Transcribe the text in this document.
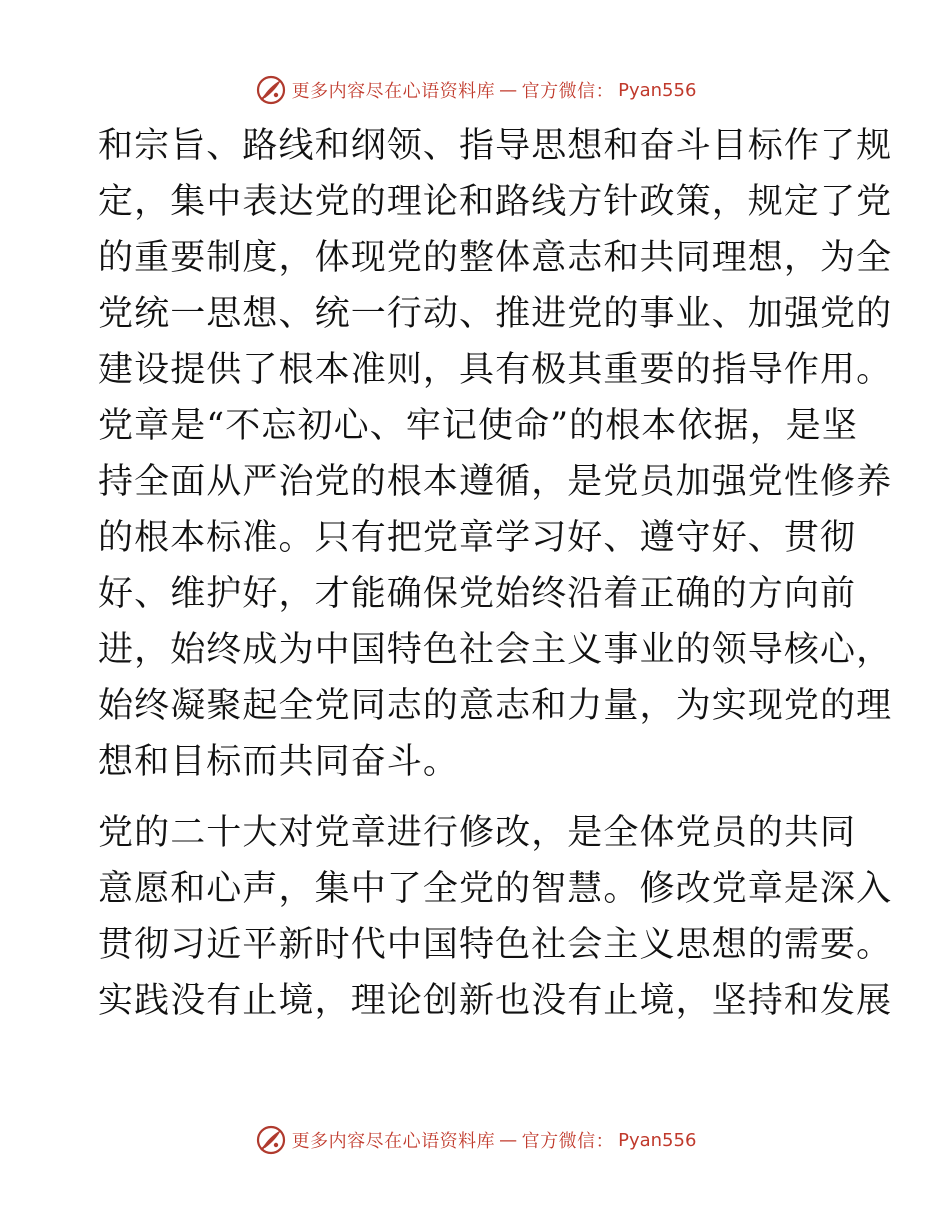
更多内容尽在心语资料库 — 官方微信： Pyan556
和宗旨、路线和纲领、指导思想和奋斗目标作了规
定，集中表达党的理论和路线方针政策，规定了党
的重要制度，体现党的整体意志和共同理想，为全
党统一思想、统一行动、推进党的事业、加强党的
建设提供了根本准则，具有极其重要的指导作用。
党章是“不忘初心、牢记使命”的根本依据，是坚
持全面从严治党的根本遵循，是党员加强党性修养
的根本标准。只有把党章学习好、遵守好、贯彻
好、维护好，才能确保党始终沿着正确的方向前
进，始终成为中国特色社会主义事业的领导核心，
始终凝聚起全党同志的意志和力量，为实现党的理
想和目标而共同奋斗。
党的二十大对党章进行修改，是全体党员的共同
意愿和心声，集中了全党的智慧。修改党章是深入
贯彻习近平新时代中国特色社会主义思想的需要。
实践没有止境，理论创新也没有止境，坚持和发展
更多内容尽在心语资料库 — 官方微信： Pyan556
